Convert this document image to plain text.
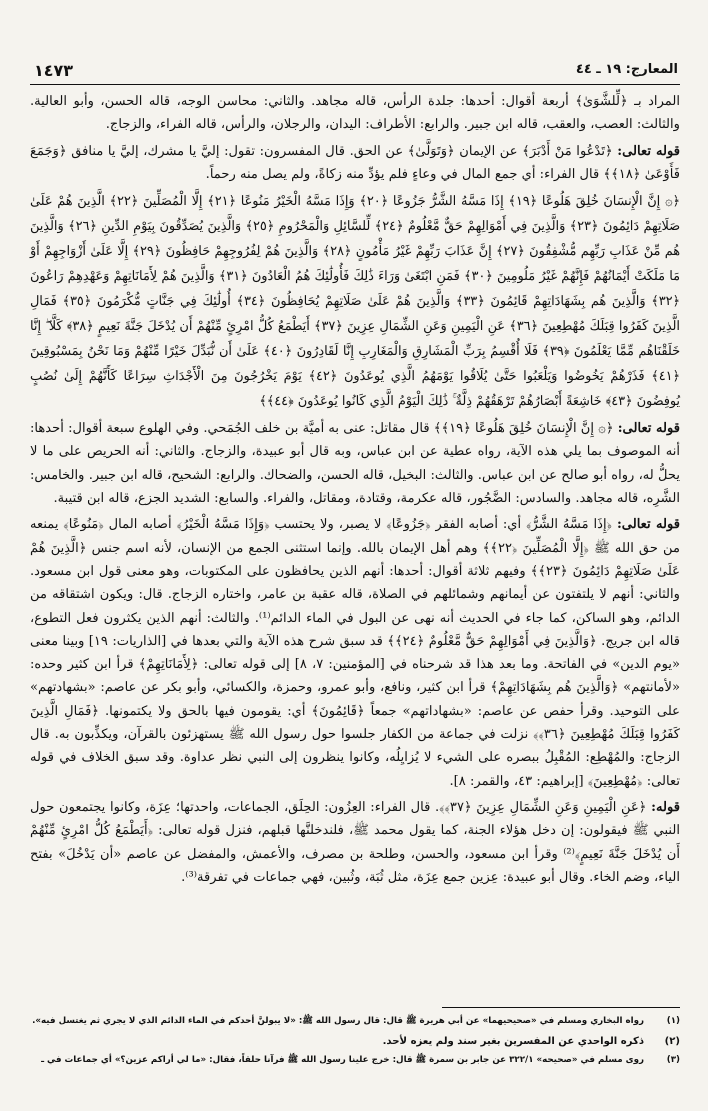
المعارج: ١٩ ـ ٤٤
١٤٧٣

المراد بـ ﴿لِّلشَّوَىٰ﴾ أربعة أقوال: أحدها: جلدة الرأس، قاله مجاهد. والثاني: محاسن الوجه، قاله الحسن، وأبو العالية. والثالث: العصب، والعقب، قاله ابن جبير. والرابع: الأطراف: اليدان، والرجلان، والرأس، قاله الفراء، والزجاج.

قوله تعالى: ﴿تَدْعُوا مَنْ أَدْبَرَ﴾ عن الإيمان ﴿وَتَوَلَّىٰ﴾ عن الحق. قال المفسرون: تقول: إليَّ يا مشرك، إليَّ يا منافق ﴿وَجَمَعَ فَأَوْعَىٰ ﴿١٨﴾﴾ قال الفراء: أي جمع المال في وعاءٍ فلم يؤدِّ منه زكاةً، ولم يصل منه رحماً.

﴿۞ إِنَّ الْإِنسَانَ خُلِقَ هَلُوعًا ﴿١٩﴾ إِذَا مَسَّهُ الشَّرُّ جَزُوعًا ﴿٢٠﴾ وَإِذَا مَسَّهُ الْخَيْرُ مَنُوعًا ﴿٢١﴾ إِلَّا الْمُصَلِّينَ ﴿٢٢﴾ الَّذِينَ هُمْ عَلَىٰ صَلَاتِهِمْ دَائِمُونَ ﴿٢٣﴾ وَالَّذِينَ فِي أَمْوَالِهِمْ حَقٌّ مَّعْلُومٌ ﴿٢٤﴾ لِّلسَّائِلِ وَالْمَحْرُومِ ﴿٢٥﴾ وَالَّذِينَ يُصَدِّقُونَ بِيَوْمِ الدِّينِ ﴿٢٦﴾ وَالَّذِينَ هُم مِّنْ عَذَابِ رَبِّهِم مُّشْفِقُونَ ﴿٢٧﴾ إِنَّ عَذَابَ رَبِّهِمْ غَيْرُ مَأْمُونٍ ﴿٢٨﴾ وَالَّذِينَ هُمْ لِفُرُوجِهِمْ حَافِظُونَ ﴿٢٩﴾ إِلَّا عَلَىٰ أَزْوَاجِهِمْ أَوْ مَا مَلَكَتْ أَيْمَانُهُمْ فَإِنَّهُمْ غَيْرُ مَلُومِينَ ﴿٣٠﴾ فَمَنِ ابْتَغَىٰ وَرَاءَ ذَٰلِكَ فَأُولَٰئِكَ هُمُ الْعَادُونَ ﴿٣١﴾ وَالَّذِينَ هُمْ لِأَمَانَاتِهِمْ وَعَهْدِهِمْ رَاعُونَ ﴿٣٢﴾ وَالَّذِينَ هُم بِشَهَادَاتِهِمْ قَائِمُونَ ﴿٣٣﴾ وَالَّذِينَ هُمْ عَلَىٰ صَلَاتِهِمْ يُحَافِظُونَ ﴿٣٤﴾ أُولَٰئِكَ فِي جَنَّاتٍ مُّكْرَمُونَ ﴿٣٥﴾ فَمَالِ الَّذِينَ كَفَرُوا قِبَلَكَ مُهْطِعِينَ ﴿٣٦﴾ عَنِ الْيَمِينِ وَعَنِ الشِّمَالِ عِزِينَ ﴿٣٧﴾ أَيَطْمَعُ كُلُّ امْرِئٍ مِّنْهُمْ أَن يُدْخَلَ جَنَّةَ نَعِيمٍ ﴿٣٨﴾ كَلَّا ۖ إِنَّا خَلَقْنَاهُم مِّمَّا يَعْلَمُونَ ﴿٣٩﴾ فَلَا أُقْسِمُ بِرَبِّ الْمَشَارِقِ وَالْمَغَارِبِ إِنَّا لَقَادِرُونَ ﴿٤٠﴾ عَلَىٰ أَن نُّبَدِّلَ خَيْرًا مِّنْهُمْ وَمَا نَحْنُ بِمَسْبُوقِينَ ﴿٤١﴾ فَذَرْهُمْ يَخُوضُوا وَيَلْعَبُوا حَتَّىٰ يُلَاقُوا يَوْمَهُمُ الَّذِي يُوعَدُونَ ﴿٤٢﴾ يَوْمَ يَخْرُجُونَ مِنَ الْأَجْدَاثِ سِرَاعًا كَأَنَّهُمْ إِلَىٰ نُصُبٍ يُوفِضُونَ ﴿٤٣﴾ خَاشِعَةً أَبْصَارُهُمْ تَرْهَقُهُمْ ذِلَّةٌ ۚ ذَٰلِكَ الْيَوْمُ الَّذِي كَانُوا يُوعَدُونَ ﴿٤٤﴾﴾

قوله تعالى: ﴿۞ إِنَّ الْإِنسَانَ خُلِقَ هَلُوعًا ﴿١٩﴾﴾ قال مقاتل: عنى به أميَّة بن خلف الجُمَحي. وفي الهلوع سبعة أقوال: أحدها: أنه الموصوف بما يلي هذه الآية، رواه عطية عن ابن عباس، وبه قال أبو عبيدة، والزجاج. والثاني: أنه الحريص على ما لا يحلُّ له، رواه أبو صالح عن ابن عباس. والثالث: البخيل، قاله الحسن، والضحاك. والرابع: الشحيح، قاله ابن جبير. والخامس: الشَّرِه، قاله مجاهد. والسادس: الضَّجُور، قاله عكرمة، وقتادة، ومقاتل، والفراء. والسابع: الشديد الجزع، قاله ابن قتيبة.

قوله تعالى: ﴿إِذَا مَسَّهُ الشَّرُّ﴾ أي: أصابه الفقر ﴿جَزُوعًا﴾ لا يصبر، ولا يحتسب ﴿وَإِذَا مَسَّهُ الْخَيْرُ﴾ أصابه المال ﴿مَنُوعًا﴾ يمنعه من حق الله ﷺ ﴿إِلَّا الْمُصَلِّينَ ﴿٢٢﴾﴾ وهم أهل الإيمان بالله. وإنما استثنى الجمع من الإنسان، لأنه اسم جنس ﴿الَّذِينَ هُمْ عَلَىٰ صَلَاتِهِمْ دَائِمُونَ ﴿٢٣﴾﴾ وفيهم ثلاثة أقوال: أحدها: أنهم الذين يحافظون على المكتوبات، وهو معنى قول ابن مسعود. والثاني: أنهم لا يلتفتون عن أيمانهم وشمائلهم في الصلاة، قاله عقبة بن عامر، واختاره الزجاج. قال: ويكون اشتقاقه من الدائم، وهو الساكن، كما جاء في الحديث أنه نهى عن البول في الماء الدائم⁽¹⁾. والثالث: أنهم الذين يكثرون فعل التطوع، قاله ابن جريج. ﴿وَالَّذِينَ فِي أَمْوَالِهِمْ حَقٌّ مَّعْلُومٌ ﴿٢٤﴾﴾ قد سبق شرح هذه الآية والتي بعدها في [الذاريات: ١٩] وبينا معنى «يوم الدين» في الفاتحة. وما بعد هذا قد شرحناه في [المؤمنين: ٧، ٨] إلى قوله تعالى: ﴿لِأَمَانَاتِهِمْ﴾ قرأ ابن كثير وحده: «لأمانتهم» ﴿وَالَّذِينَ هُم بِشَهَادَاتِهِمْ﴾ قرأ ابن كثير، ونافع، وأبو عمرو، وحمزة، والكسائي، وأبو بكر عن عاصم: «بشهادتهم» على التوحيد. وقرأ حفص عن عاصم: «بشهاداتهم» جمعاً ﴿قَائِمُونَ﴾ أي: يقومون فيها بالحق ولا يكتمونها. ﴿فَمَالِ الَّذِينَ كَفَرُوا قِبَلَكَ مُهْطِعِينَ ﴿٣٦﴾﴾ نزلت في جماعة من الكفار جلسوا حول رسول الله ﷺ يستهزئون بالقرآن، ويكذِّبون به. قال الزجاج: والمُهْطِع: المُقْبِلُ ببصره على الشيء لا يُزايِلُه، وكانوا ينظرون إلى النبي نظر عداوة. وقد سبق الخلاف في قوله تعالى: ﴿مُهْطِعِينَ﴾ [إبراهيم: ٤٣، والقمر: ٨].

قوله: ﴿عَنِ الْيَمِينِ وَعَنِ الشِّمَالِ عِزِينَ ﴿٣٧﴾﴾. قال الفراء: العِزُون: الحِلَق، الجماعات، واحدتها؛ عِزَة، وكانوا يجتمعون حول النبي ﷺ فيقولون: إن دخل هؤلاء الجنة، كما يقول محمد ﷺ، فلندخلنَّها قبلهم، فنزل قوله تعالى: ﴿أَيَطْمَعُ كُلُّ امْرِئٍ مِّنْهُمْ أَن يُدْخَلَ جَنَّةَ نَعِيمٍ﴾⁽²⁾ وقرأ ابن مسعود، والحسن، وطلحة بن مصرف، والأعمش، والمفضل عن عاصم «أن يَدْخُلَ» بفتح الياء، وضم الخاء. وقال أبو عبيدة: عِزين جمع عِزَة، مثل ثُبَة، وثُبين، فهي جماعات في تفرقة⁽³⁾.

(١)رواه البخاري ومسلم في «صحيحيهما» عن أبي هريرة ﷺ قال: قال رسول الله ﷺ: «لا يبولنَّ أحدكم في الماء الدائم الذي لا يجري ثم يغتسل فيه».
(٢)ذكره الواحدي عن المفسرين بغير سند ولم يعزه لأحد.
(٣)روى مسلم في «صحيحه» ٣٢٢/١ عن جابر بن سمرة ﷺ قال: خرج علينا رسول الله ﷺ فرآنا حلقاً، فقال: «ما لي أراكم عزين؟» أي جماعات في ـ
